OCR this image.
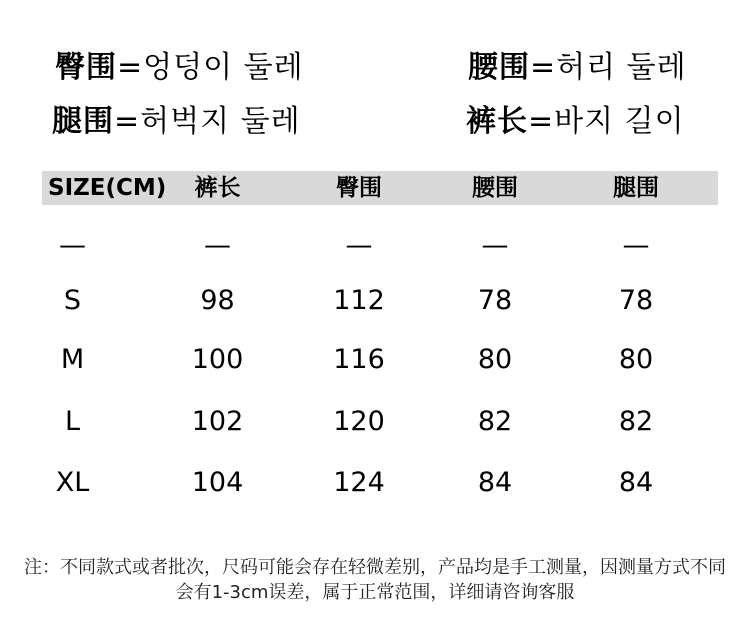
臀围=엉덩이 둘레	腰围=허리 둘레
腿围=허벅지 둘레	裤长=바지 길이
SIZE(CM)	裤长	臀围	腰围	腿围
—	—	—	—	—
S	98	112	78	78
M	100	116	80	80
L	102	120	82	82
XL	104	124	84	84
注：不同款式或者批次，尺码可能会存在轻微差别，产品均是手工测量，因测量方式不同
会有1-3cm误差，属于正常范围，详细请咨询客服
